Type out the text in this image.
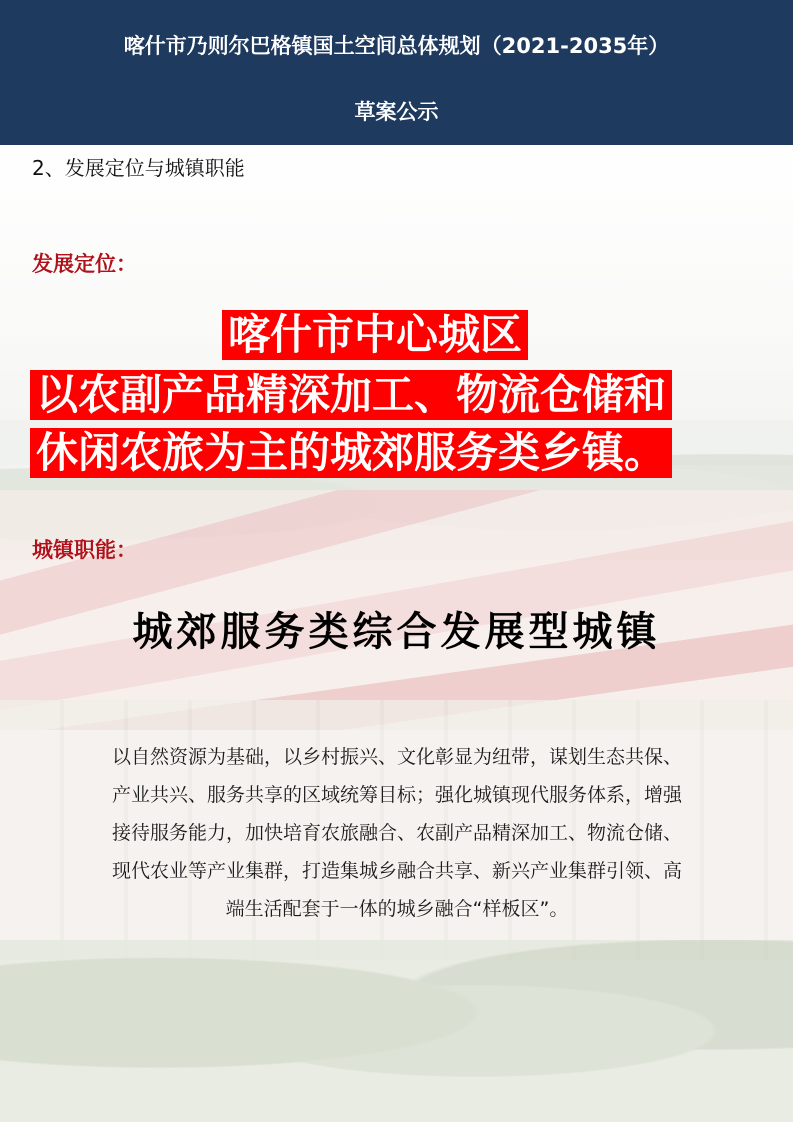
喀什市乃则尔巴格镇国土空间总体规划（2021-2035年）
草案公示
2、发展定位与城镇职能
发展定位：
喀什市中心城区
以农副产品精深加工、物流仓储和
休闲农旅为主的城郊服务类乡镇。
城镇职能：
城郊服务类综合发展型城镇
以自然资源为基础，以乡村振兴、文化彰显为纽带，谋划生态共保、
产业共兴、服务共享的区域统筹目标；强化城镇现代服务体系，增强
接待服务能力，加快培育农旅融合、农副产品精深加工、物流仓储、
现代农业等产业集群，打造集城乡融合共享、新兴产业集群引领、高
端生活配套于一体的城乡融合“样板区”。
